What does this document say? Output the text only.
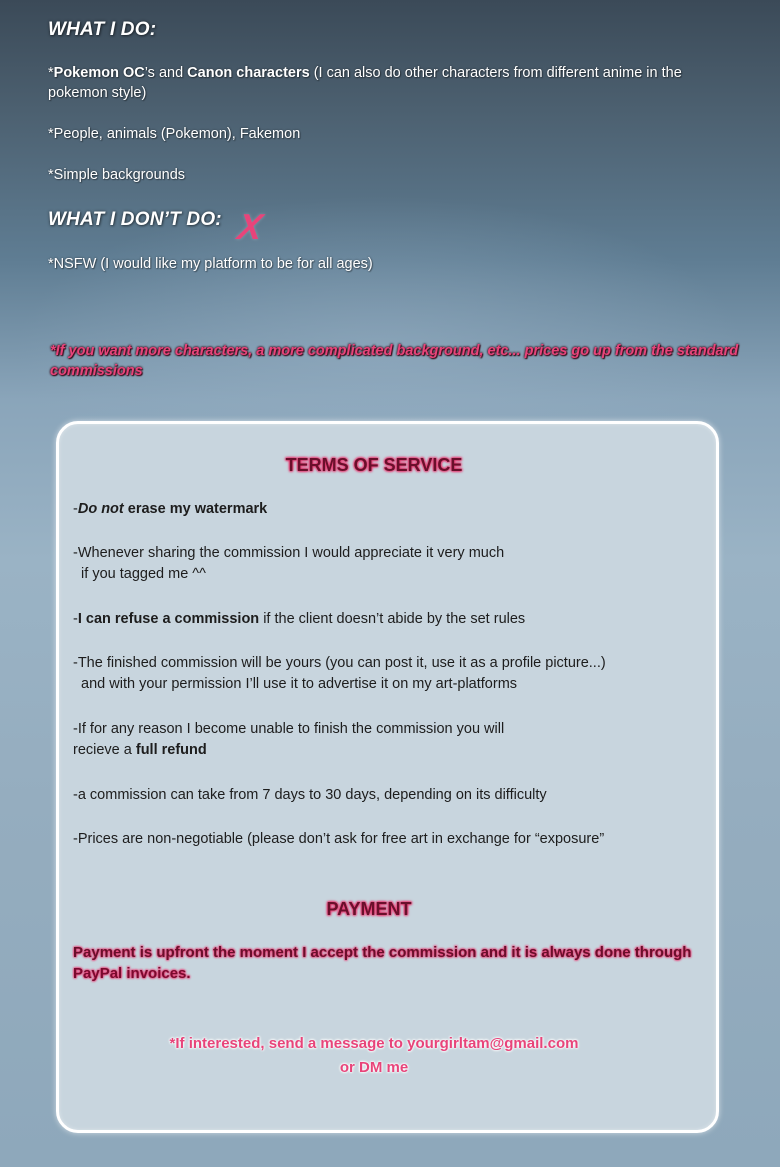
WHAT I DO:
*Pokemon OC’s and Canon characters (I can also do other characters from different anime in the pokemon style)
*People, animals (Pokemon), Fakemon
*Simple backgrounds
WHAT I DON’T DO: X
*NSFW (I would like my platform to be for all ages)
*If you want more characters, a more complicated background, etc... prices go up from the standard commissions
TERMS OF SERVICE
-Do not erase my watermark
-Whenever sharing the commission I would appreciate it very much
if you tagged me ^^
-I can refuse a commission if the client doesn’t abide by the set rules
-The finished commission will be yours (you can post it, use it as a profile picture...)
and with your permission I’ll use it to advertise it on my art-platforms
-If for any reason I become unable to finish the commission you will
recieve a full refund
-a commission can take from 7 days to 30 days, depending on its difficulty
-Prices are non-negotiable (please don’t ask for free art in exchange for “exposure”
PAYMENT
Payment is upfront the moment I accept the commission and it is always done through PayPal invoices.
*If interested, send a message to yourgirltam@gmail.com
or DM me
